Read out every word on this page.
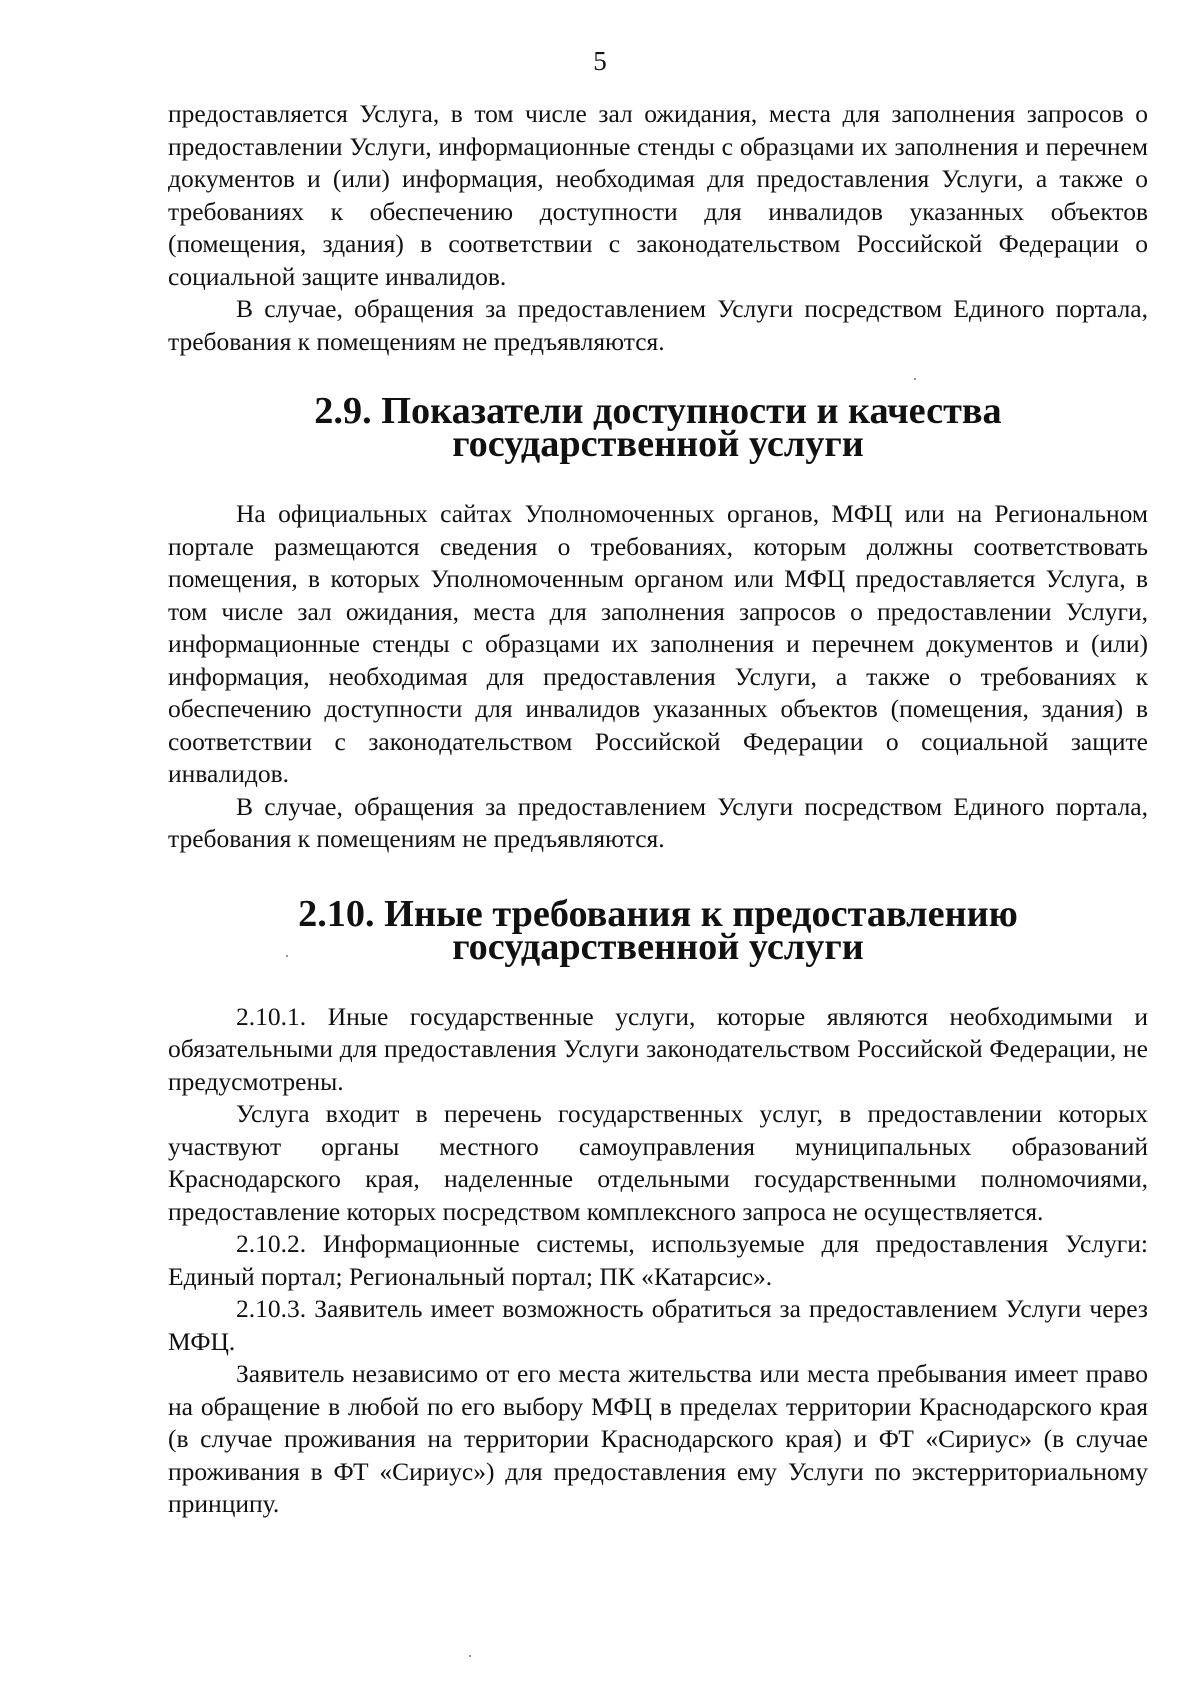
5

предоставляется Услуга, в том числе зал ожидания, места для заполнения запросов о предоставлении Услуги, информационные стенды с образцами их заполнения и перечнем документов и (или) информация, необходимая для предоставления Услуги, а также о требованиях к обеспечению доступности для инвалидов указанных объектов (помещения, здания) в соответствии с законодательством Российской Федерации о социальной защите инвалидов.

В случае, обращения за предоставлением Услуги посредством Единого портала, требования к помещениям не предъявляются.

2.9. Показатели доступности и качества
государственной услуги

На официальных сайтах Уполномоченных органов, МФЦ или на Региональном портале размещаются сведения о требованиях, которым должны соответствовать помещения, в которых Уполномоченным органом или МФЦ предоставляется Услуга, в том числе зал ожидания, места для заполнения запросов о предоставлении Услуги, информационные стенды с образцами их заполнения и перечнем документов и (или) информация, необходимая для предоставления Услуги, а также о требованиях к обеспечению доступности для инвалидов указанных объектов (помещения, здания) в соответствии с законодательством Российской Федерации о социальной защите инвалидов.

В случае, обращения за предоставлением Услуги посредством Единого портала, требования к помещениям не предъявляются.

2.10. Иные требования к предоставлению
государственной услуги

2.10.1. Иные государственные услуги, которые являются необходимыми и обязательными для предоставления Услуги законодательством Российской Федерации, не предусмотрены.

Услуга входит в перечень государственных услуг, в предоставлении которых участвуют органы местного самоуправления муниципальных образований Краснодарского края, наделенные отдельными государственными полномочиями, предоставление которых посредством комплексного запроса не осуществляется.

2.10.2. Информационные системы, используемые для предоставления Услуги: Единый портал; Региональный портал; ПК «Катарсис».

2.10.3. Заявитель имеет возможность обратиться за предоставлением Услуги через МФЦ.

Заявитель независимо от его места жительства или места пребывания имеет право на обращение в любой по его выбору МФЦ в пределах территории Краснодарского края (в случае проживания на территории Краснодарского края) и ФТ «Сириус» (в случае проживания в ФТ «Сириус») для предоставления ему Услуги по экстерриториальному принципу.
